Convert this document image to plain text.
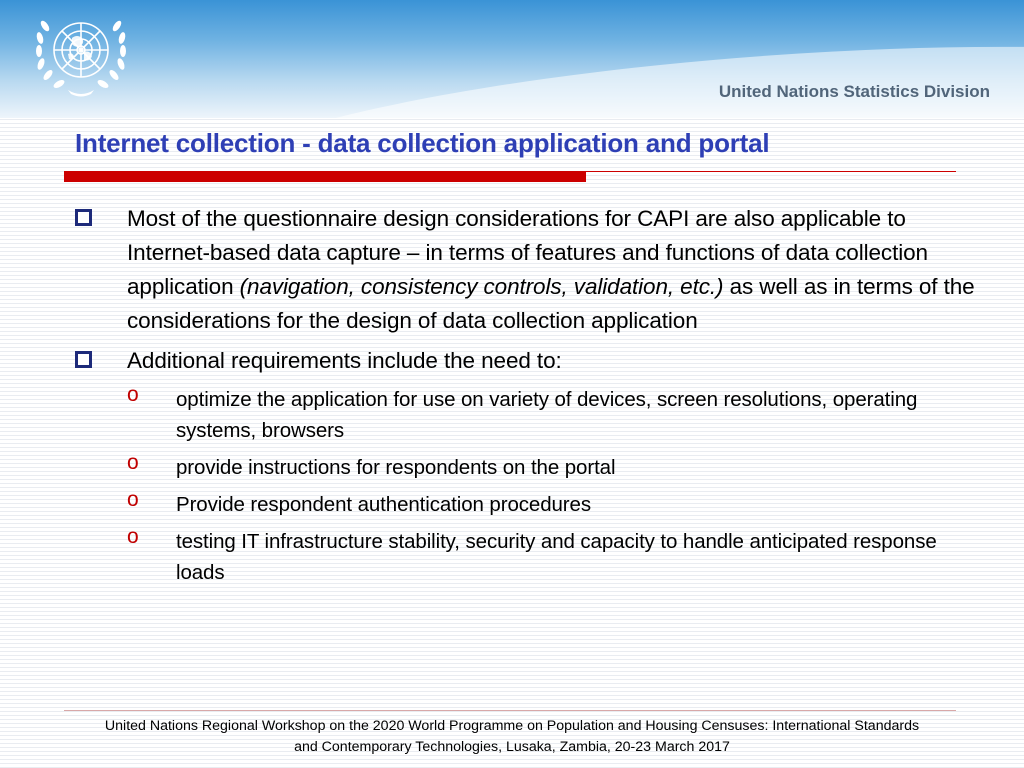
United Nations Statistics Division
Internet collection - data collection application and portal
Most of the questionnaire design considerations for CAPI are also applicable to Internet-based data capture – in terms of features and functions of data collection application (navigation, consistency controls, validation, etc.) as well as in terms of the considerations for the design of data collection application
Additional requirements include the need to:
o optimize the application for use on variety of devices, screen resolutions, operating systems, browsers
o provide instructions for respondents on the portal
o Provide respondent authentication procedures
o testing IT infrastructure stability, security and capacity to handle anticipated response loads
United Nations Regional Workshop on the 2020 World Programme on Population and Housing Censuses: International Standards
and Contemporary Technologies, Lusaka, Zambia, 20-23 March 2017
